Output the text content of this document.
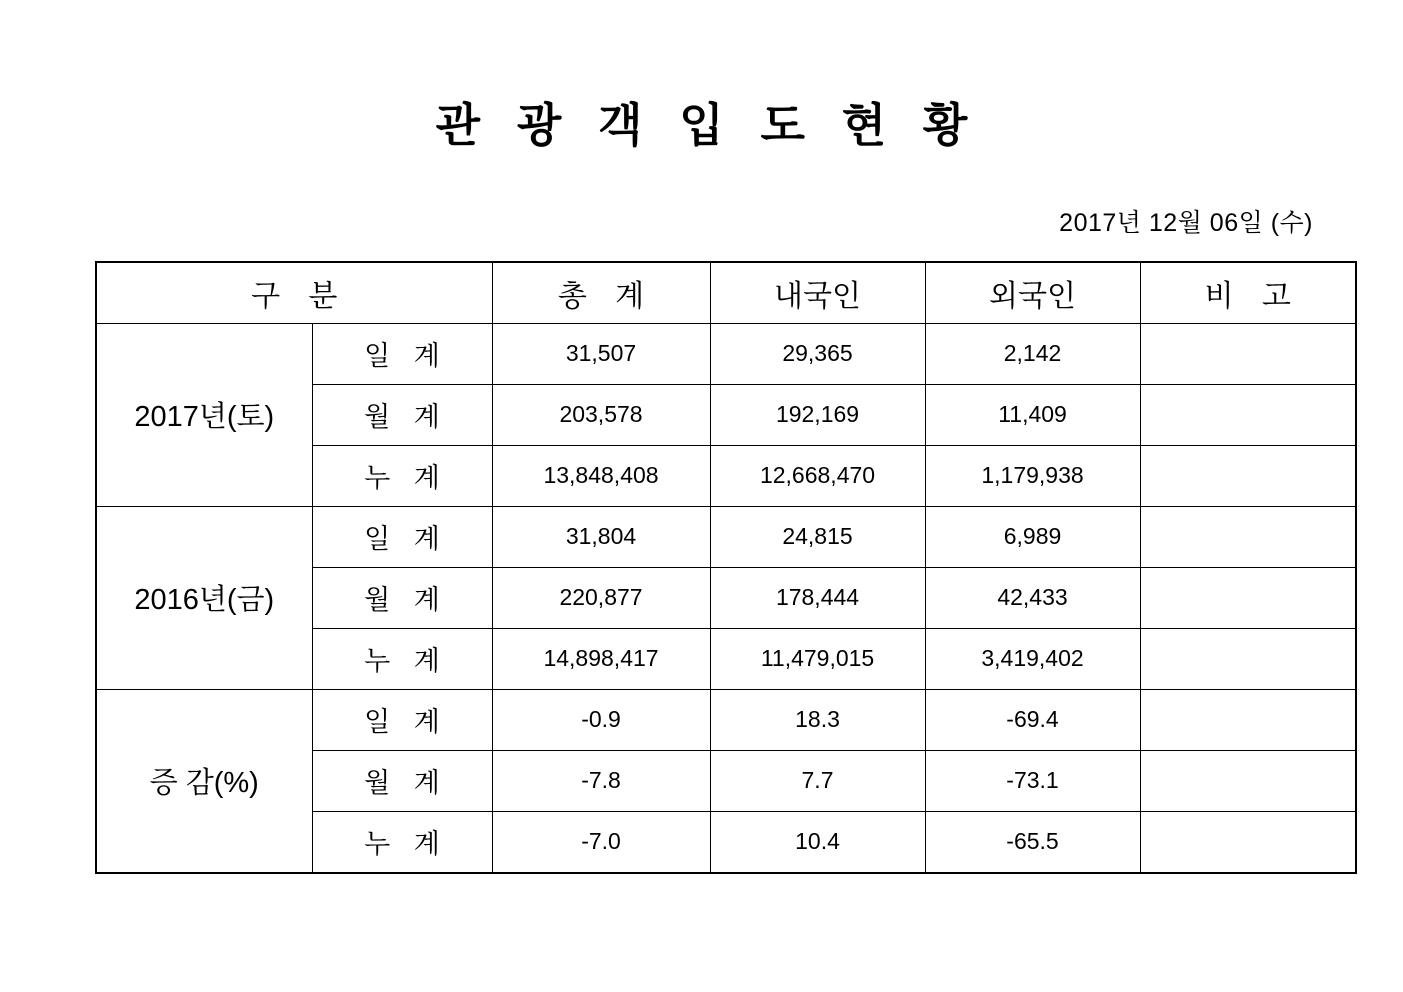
관 광 객 입 도 현 황

2017년 12월 06일 (수)

구 분		총 계	내국인	외국인	비 고
2017년(토)	일 계	31,507	29,365	2,142	
	월 계	203,578	192,169	11,409	
	누 계	13,848,408	12,668,470	1,179,938	
2016년(금)	일 계	31,804	24,815	6,989	
	월 계	220,877	178,444	42,433	
	누 계	14,898,417	11,479,015	3,419,402	
증 감(%)	일 계	-0.9	18.3	-69.4	
	월 계	-7.8	7.7	-73.1	
	누 계	-7.0	10.4	-65.5	
